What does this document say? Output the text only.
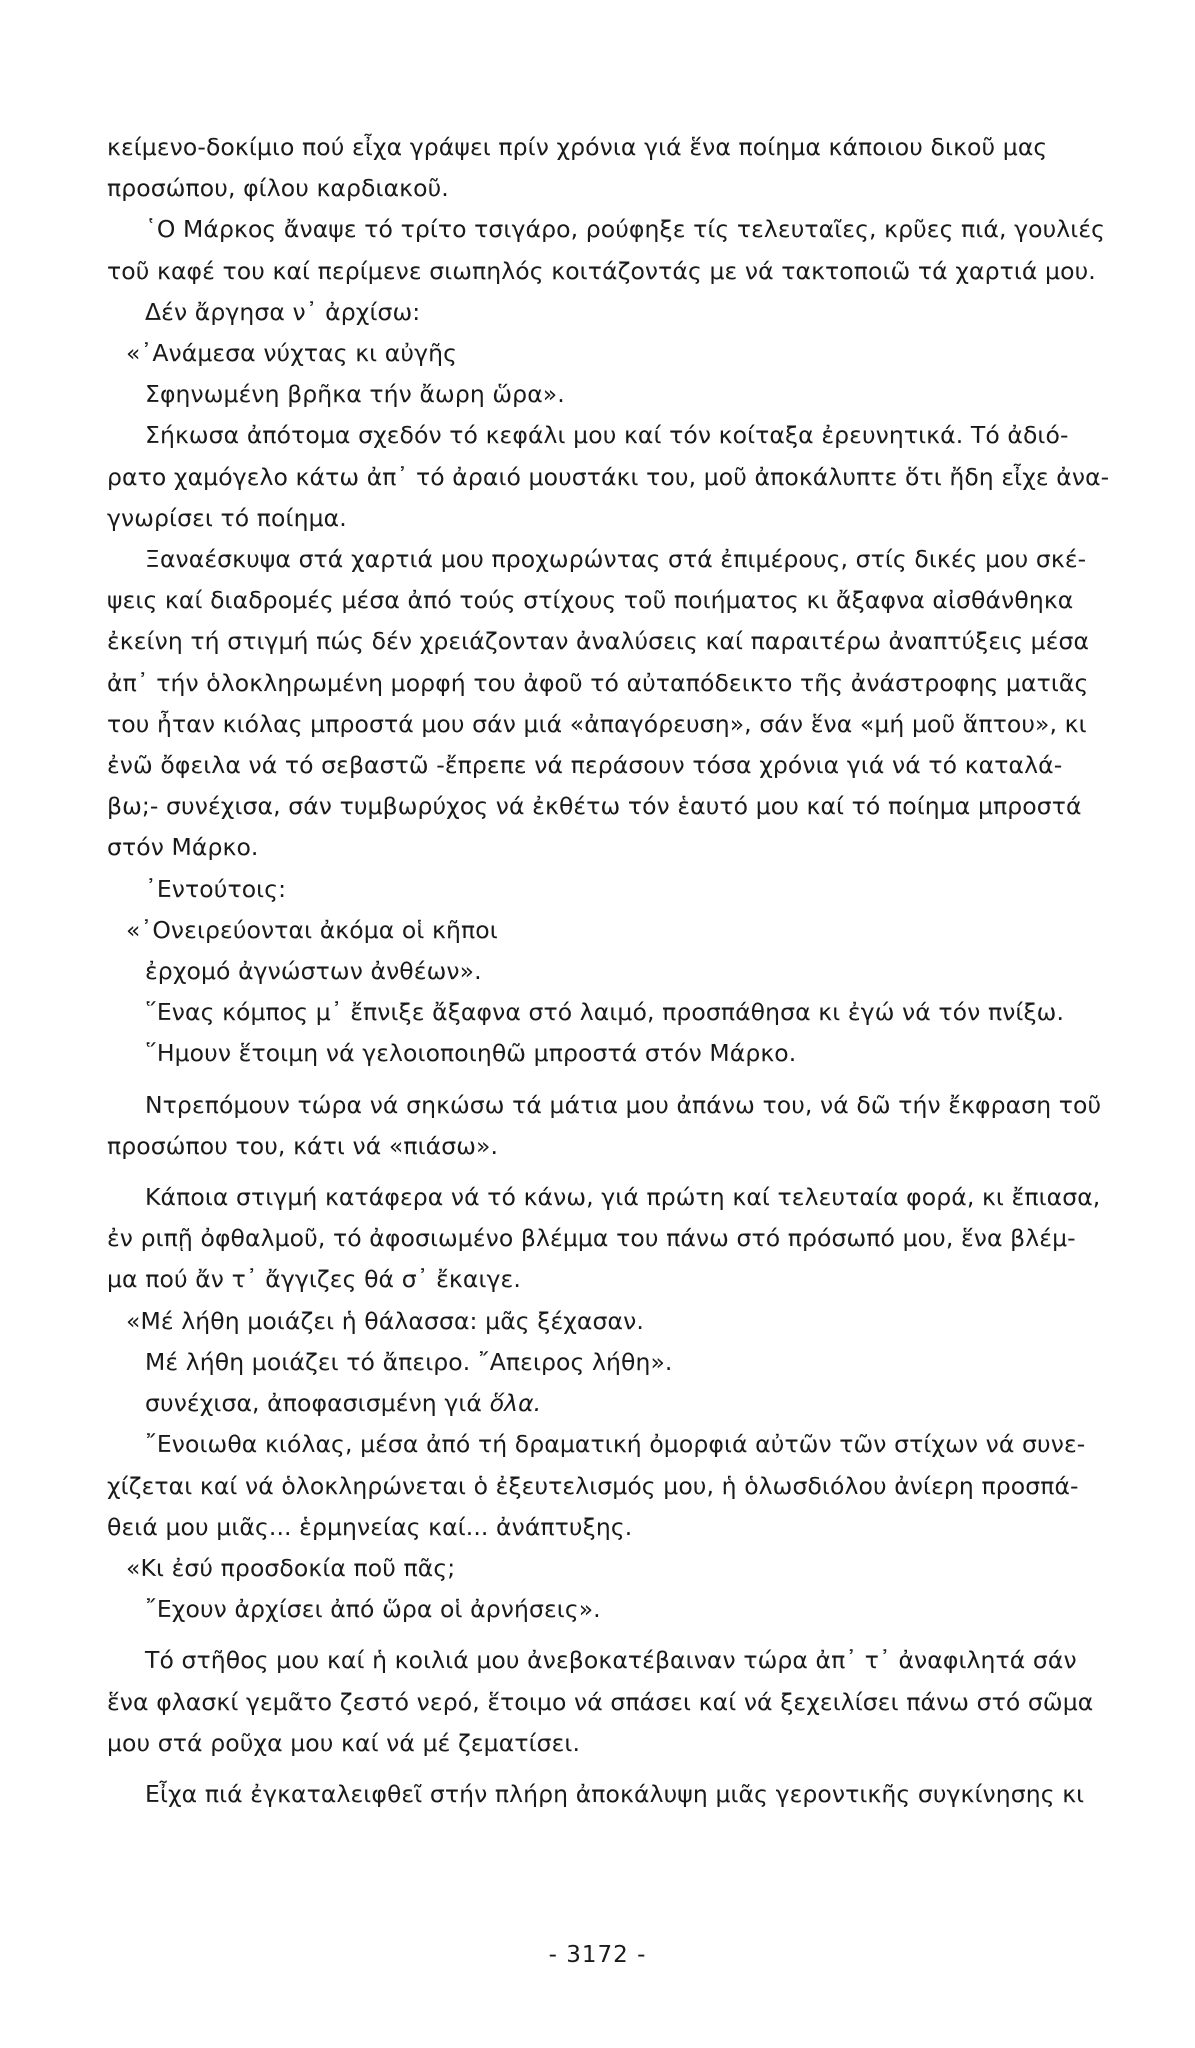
κείμενο-δοκίμιο πού εἶχα γράψει πρίν χρόνια γιά ἕνα ποίημα κάποιου δικοῦ μας
προσώπου, φίλου καρδιακοῦ.
῾Ο Μάρκος ἄναψε τό τρίτο τσιγάρο, ρούφηξε τίς τελευταῖες, κρῦες πιά, γουλιές
τοῦ καφέ του καί περίμενε σιωπηλός κοιτάζοντάς με νά τακτοποιῶ τά χαρτιά μου.
Δέν ἄργησα ν᾿ ἀρχίσω:
«᾿Ανάμεσα νύχτας κι αὐγῆς
Σφηνωμένη βρῆκα τήν ἄωρη ὥρα».
Σήκωσα ἀπότομα σχεδόν τό κεφάλι μου καί τόν κοίταξα ἐρευνητικά. Τό ἀδιό-
ρατο χαμόγελο κάτω ἀπ᾿ τό ἀραιό μουστάκι του, μοῦ ἀποκάλυπτε ὅτι ἤδη εἶχε ἀνα-
γνωρίσει τό ποίημα.
Ξαναέσκυψα στά χαρτιά μου προχωρώντας στά ἐπιμέρους, στίς δικές μου σκέ-
ψεις καί διαδρομές μέσα ἀπό τούς στίχους τοῦ ποιήματος κι ἄξαφνα αἰσθάνθηκα
ἐκείνη τή στιγμή πώς δέν χρειάζονταν ἀναλύσεις καί παραιτέρω ἀναπτύξεις μέσα
ἀπ᾿ τήν ὁλοκληρωμένη μορφή του ἀφοῦ τό αὐταπόδεικτο τῆς ἀνάστροφης ματιᾶς
του ἦταν κιόλας μπροστά μου σάν μιά «ἀπαγόρευση», σάν ἕνα «μή μοῦ ἅπτου», κι
ἐνῶ ὄφειλα νά τό σεβαστῶ -ἔπρεπε νά περάσουν τόσα χρόνια γιά νά τό καταλά-
βω;- συνέχισα, σάν τυμβωρύχος νά ἐκθέτω τόν ἑαυτό μου καί τό ποίημα μπροστά
στόν Μάρκο.
᾿Εντούτοις:
«᾿Ονειρεύονται ἀκόμα οἱ κῆποι
ἐρχομό ἀγνώστων ἀνθέων».
῞Ενας κόμπος μ᾿ ἔπνιξε ἄξαφνα στό λαιμό, προσπάθησα κι ἐγώ νά τόν πνίξω.
῞Ημουν ἕτοιμη νά γελοιοποιηθῶ μπροστά στόν Μάρκο.
Ντρεπόμουν τώρα νά σηκώσω τά μάτια μου ἀπάνω του, νά δῶ τήν ἔκφραση τοῦ
προσώπου του, κάτι νά «πιάσω».
Κάποια στιγμή κατάφερα νά τό κάνω, γιά πρώτη καί τελευταία φορά, κι ἔπιασα,
ἐν ριπῇ ὀφθαλμοῦ, τό ἀφοσιωμένο βλέμμα του πάνω στό πρόσωπό μου, ἕνα βλέμ-
μα πού ἄν τ᾿ ἄγγιζες θά σ᾿ ἔκαιγε.
«Μέ λήθη μοιάζει ἡ θάλασσα: μᾶς ξέχασαν.
Μέ λήθη μοιάζει τό ἄπειρο. ῎Απειρος λήθη».
συνέχισα, ἀποφασισμένη γιά ὅλα.
῎Ενοιωθα κιόλας, μέσα ἀπό τή δραματική ὀμορφιά αὐτῶν τῶν στίχων νά συνε-
χίζεται καί νά ὁλοκληρώνεται ὁ ἐξευτελισμός μου, ἡ ὁλωσδιόλου ἀνίερη προσπά-
θειά μου μιᾶς... ἑρμηνείας καί... ἀνάπτυξης.
«Κι ἐσύ προσδοκία ποῦ πᾶς;
῎Εχουν ἀρχίσει ἀπό ὥρα οἱ ἀρνήσεις».
Τό στῆθος μου καί ἡ κοιλιά μου ἀνεβοκατέβαιναν τώρα ἀπ᾿ τ᾿ ἀναφιλητά σάν
ἕνα φλασκί γεμᾶτο ζεστό νερό, ἕτοιμο νά σπάσει καί νά ξεχειλίσει πάνω στό σῶμα
μου στά ροῦχα μου καί νά μέ ζεματίσει.
Εἶχα πιά ἐγκαταλειφθεῖ στήν πλήρη ἀποκάλυψη μιᾶς γεροντικῆς συγκίνησης κι
- 3172 -
